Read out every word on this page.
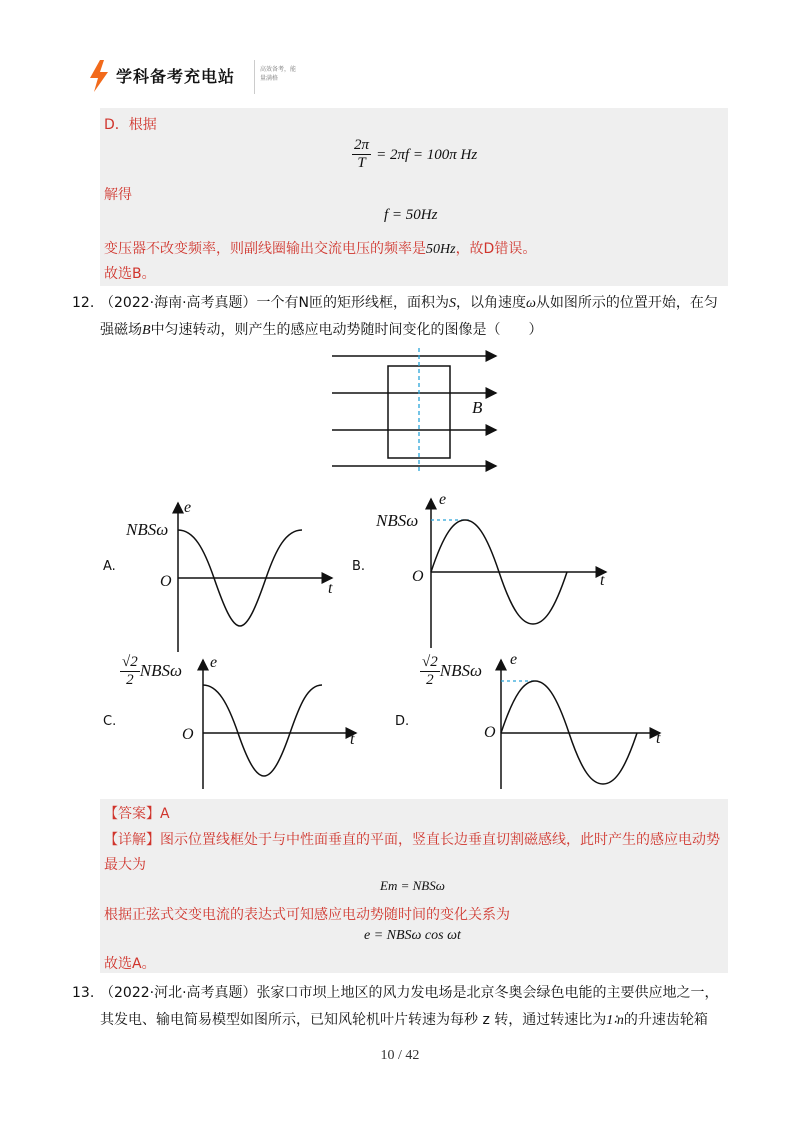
学科备考充电站	高效备考，能量满格
D．根据
$\frac{2\pi}{T} = 2\pi f = 100\pi$ Hz
解得
f = 50Hz
变压器不改变频率，则副线圈输出交流电压的频率是50Hz，故D错误。
故选B。
12. （2022·海南·高考真题）一个有N匝的矩形线框，面积为S，以角速度ω从如图所示的位置开始，在匀
强磁场B中匀速转动，则产生的感应电动势随时间变化的图像是（　　）
B
A.
NBSω
e
O	t
B.
NBSω
e
O	t
C.
$\frac{√2}{2}$ NBSω e
O	t
D.
$\frac{√2}{2}$ NBSω
e
O	t
【答案】A
【详解】图示位置线框处于与中性面垂直的平面，竖直长边垂直切割磁感线，此时产生的感应电动势
最大为
Em = NBSω
根据正弦式交变电流的表达式可知感应电动势随时间的变化关系为
e = NBSω cos ωt
故选A。
13. （2022·河北·高考真题）张家口市坝上地区的风力发电场是北京冬奥会绿色电能的主要供应地之一，
其发电、输电简易模型如图所示，已知风轮机叶片转速为每秒 z 转，通过转速比为1∶n的升速齿轮箱
10 / 42
